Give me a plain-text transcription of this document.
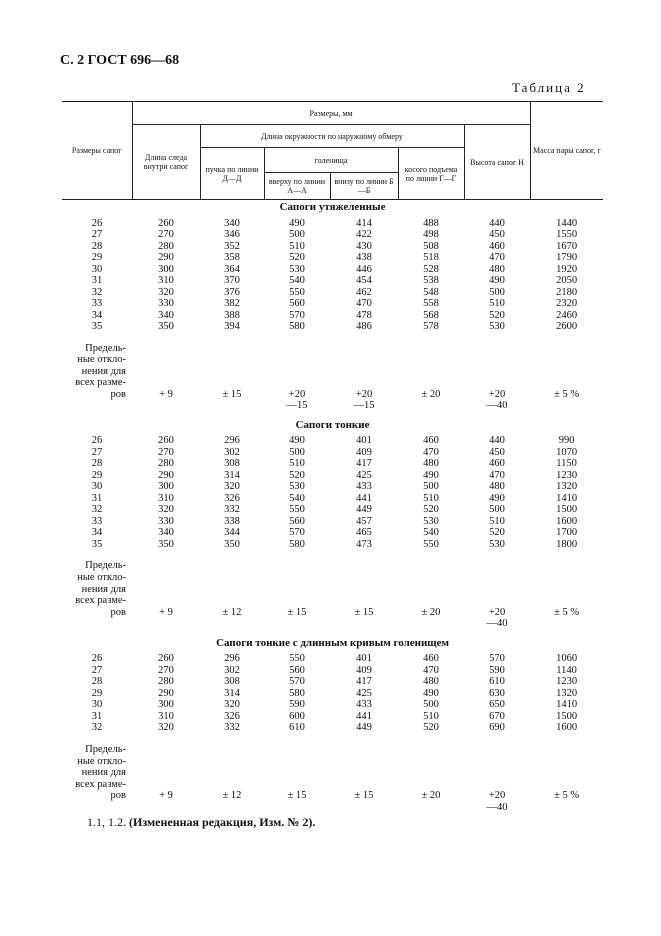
С. 2 ГОСТ 696—68
Таблица 2
Размеры сапог	Размеры, мм						Масса пары сапог, г
	Длина следа внутри сапог	Длина окружности по наружному обмеру				Высота сапог Н	
		пучка по линии Д—Д	голенища		косого подъема по линии Г—Г		
			вверху по линии А—А	внизу по линии Б—Б			
Сапоги утяжеленные							
26	260	340	490	414	488	440	1440
27	270	346	500	422	498	450	1550
28	280	352	510	430	508	460	1670
29	290	358	520	438	518	470	1790
30	300	364	530	446	528	480	1920
31	310	370	540	454	538	490	2050
32	320	376	550	462	548	500	2180
33	330	382	560	470	558	510	2320
34	340	388	570	478	568	520	2460
35	350	394	580	486	578	530	2600

Предель-
ные откло-
нения для
всех разме-
ров	+ 9	± 15	+20	+20	± 20	+20	± 5 %

			—15	—15		—40	

Сапоги тонкие							
26	260	296	490	401	460	440	990
27	270	302	500	409	470	450	1070
28	280	308	510	417	480	460	1150
29	290	314	520	425	490	470	1230
30	300	320	530	433	500	480	1320
31	310	326	540	441	510	490	1410
32	320	332	550	449	520	500	1500
33	330	338	560	457	530	510	1600
34	340	344	570	465	540	520	1700
35	350	350	580	473	550	530	1800

Предель-
ные откло-
нения для
всех разме-
ров	+ 9	± 12	± 15	± 15	± 20	+20	± 5 %

						—40	

Сапоги тонкие с длинным кривым голенищем							
26	260	296	550	401	460	570	1060
27	270	302	560	409	470	590	1140
28	280	308	570	417	480	610	1230
29	290	314	580	425	490	630	1320
30	300	320	590	433	500	650	1410
31	310	326	600	441	510	670	1500
32	320	332	610	449	520	690	1600

Предель-
ные откло-
нения для
всех разме-
ров	+ 9	± 12	± 15	± 15	± 20	+20	± 5 %

						—40	
1.1, 1.2. (Измененная редакция, Изм. № 2).
